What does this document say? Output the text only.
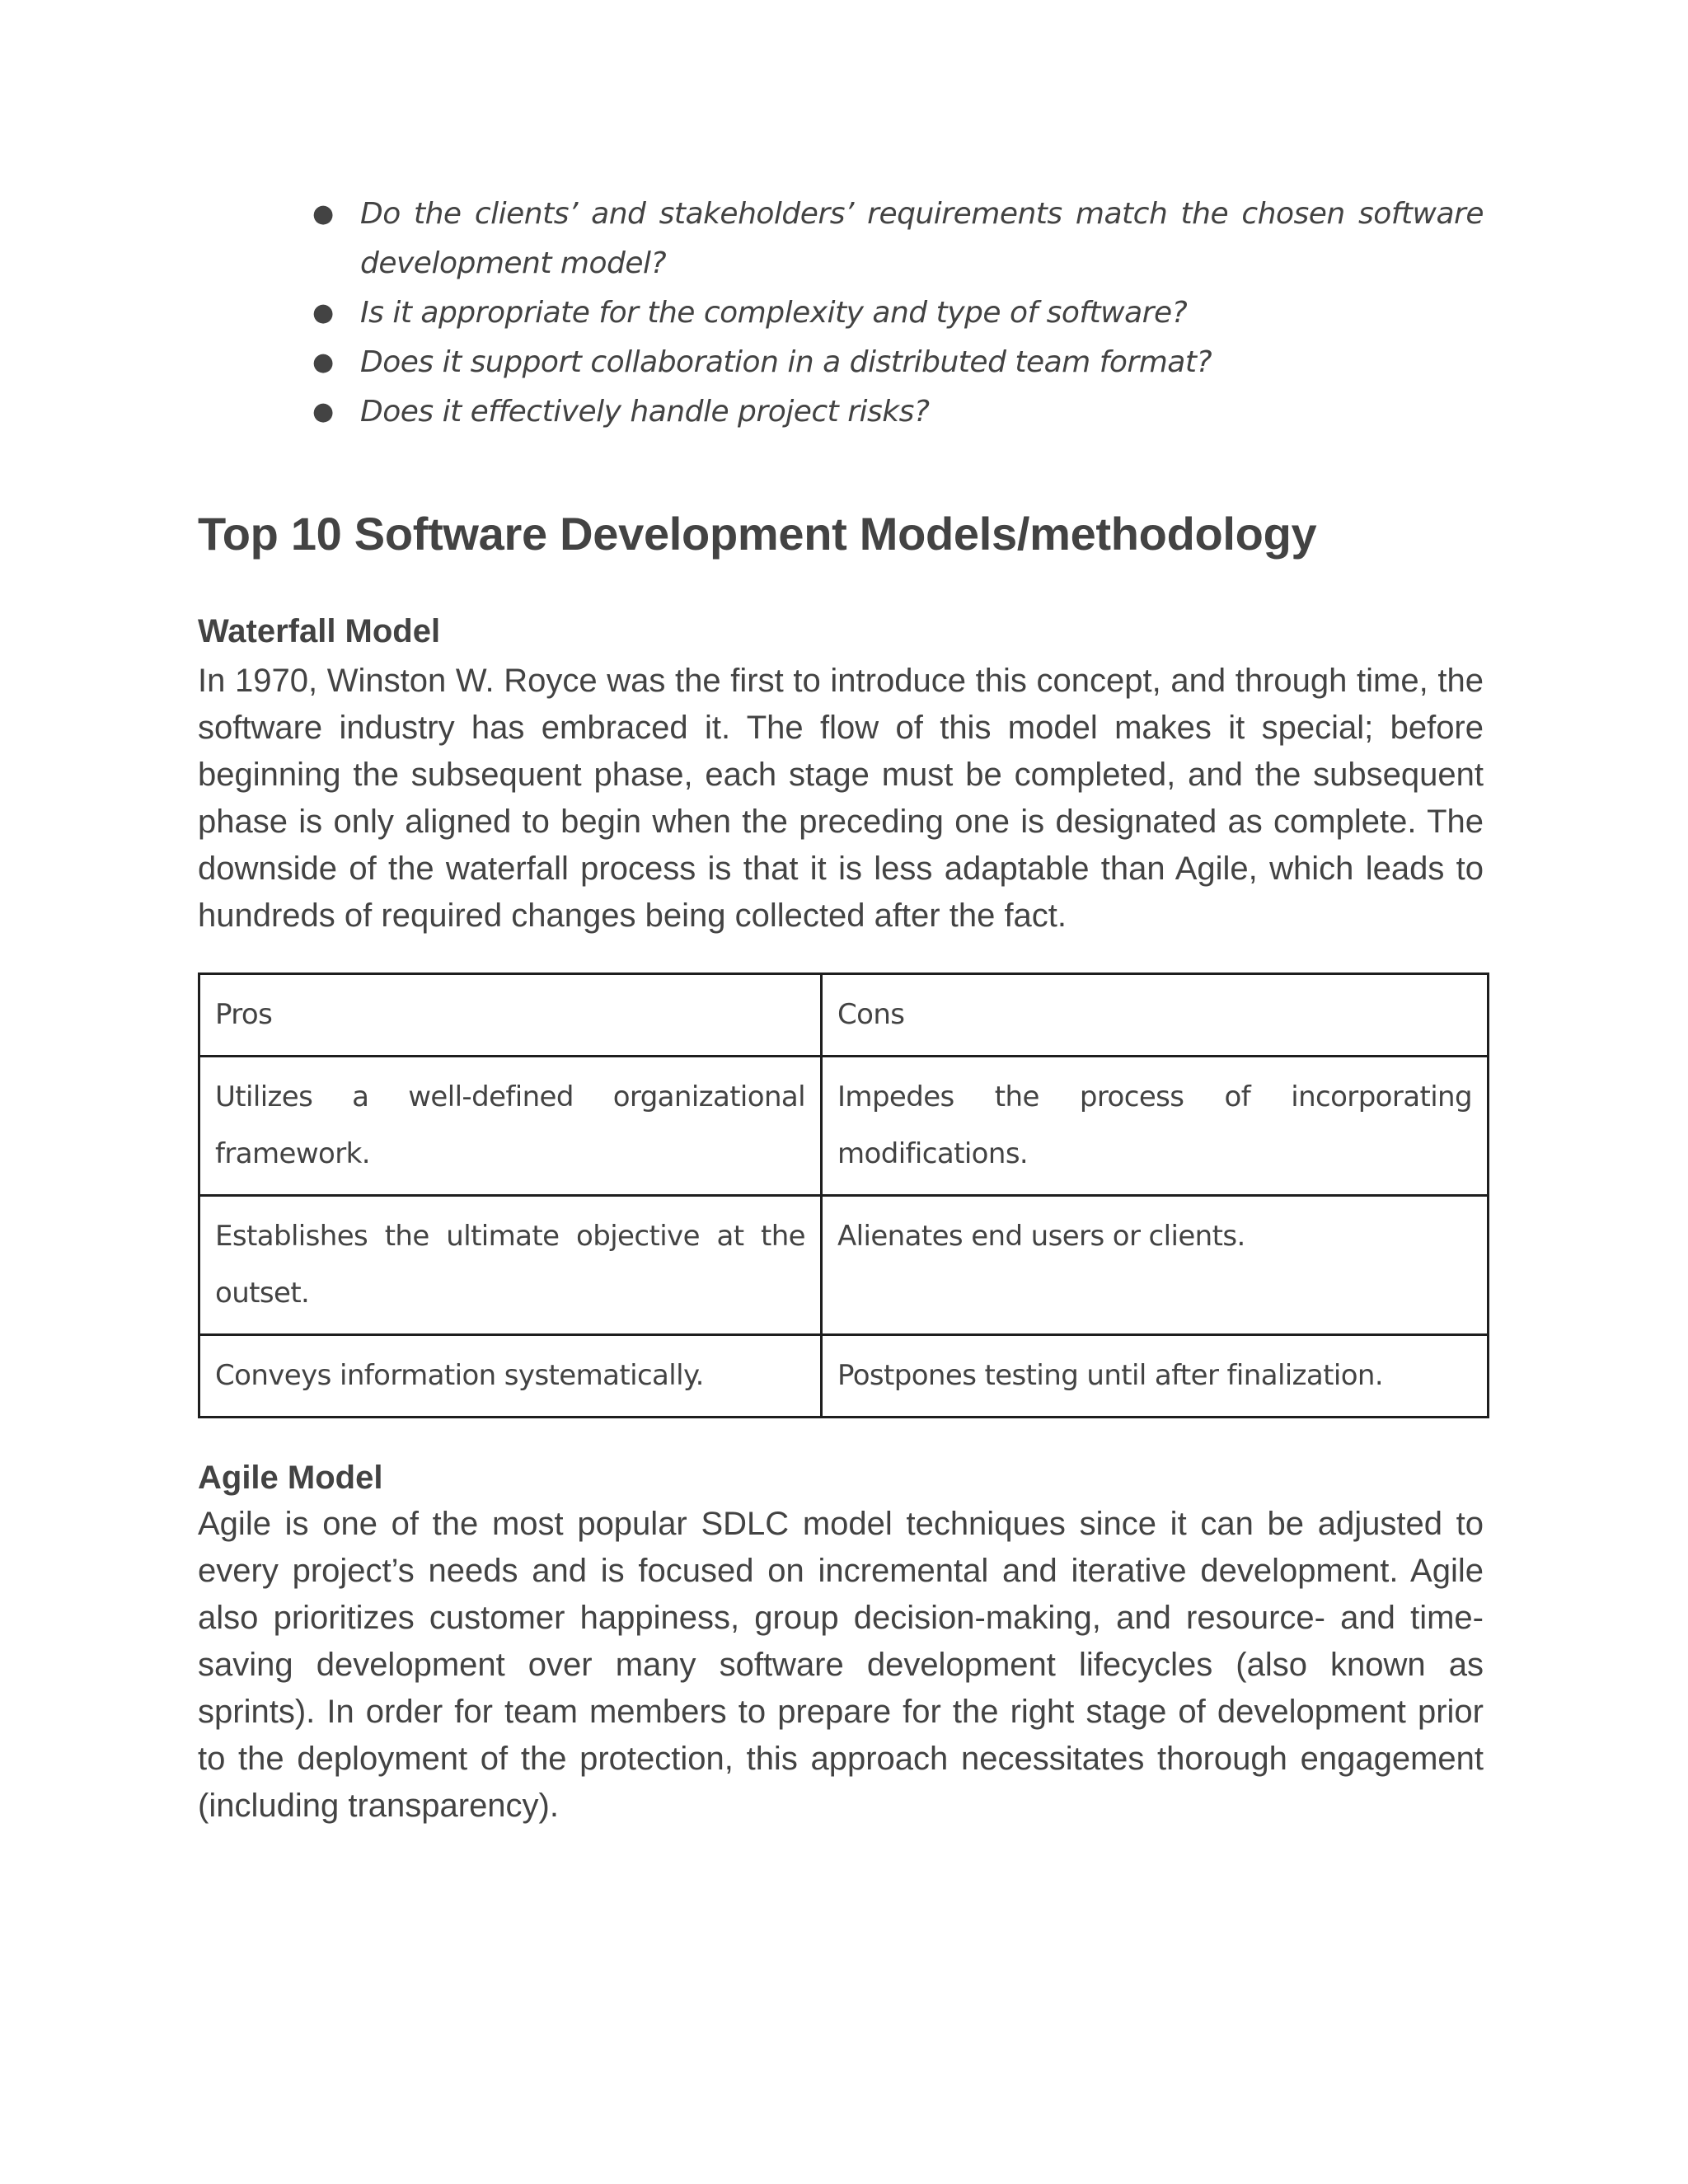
● Do the clients’ and stakeholders’ requirements match the chosen software development model?
● Is it appropriate for the complexity and type of software?
● Does it support collaboration in a distributed team format?
● Does it effectively handle project risks?
Top 10 Software Development Models/methodology
Waterfall Model

In 1970, Winston W. Royce was the first to introduce this concept, and through time, the software industry has embraced it. The flow of this model makes it special; before beginning the subsequent phase, each stage must be completed, and the subsequent phase is only aligned to begin when the preceding one is designated as complete. The downside of the waterfall process is that it is less adaptable than Agile, which leads to hundreds of required changes being collected after the fact.

Pros	Cons
Utilizes a well-defined organizational framework.	Impedes the process of incorporating modifications.
Establishes the ultimate objective at the outset.	Alienates end users or clients.
Conveys information systematically.	Postpones testing until after finalization.
Agile Model

Agile is one of the most popular SDLC model techniques since it can be adjusted to every project’s needs and is focused on incremental and iterative development. Agile also prioritizes customer happiness, group decision-making, and resource- and time-saving development over many software development lifecycles (also known as sprints). In order for team members to prepare for the right stage of development prior to the deployment of the protection, this approach necessitates thorough engagement (including transparency).
